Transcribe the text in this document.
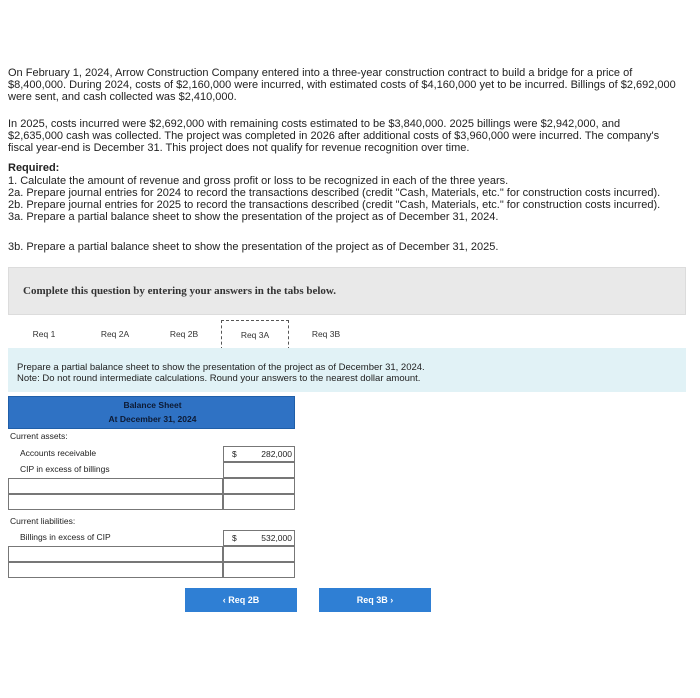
On February 1, 2024, Arrow Construction Company entered into a three-year construction contract to build a bridge for a price of $8,400,000. During 2024, costs of $2,160,000 were incurred, with estimated costs of $4,160,000 yet to be incurred. Billings of $2,692,000 were sent, and cash collected was $2,410,000.

In 2025, costs incurred were $2,692,000 with remaining costs estimated to be $3,840,000. 2025 billings were $2,942,000, and $2,635,000 cash was collected. The project was completed in 2026 after additional costs of $3,960,000 were incurred. The company's fiscal year-end is December 31. This project does not qualify for revenue recognition over time.

Required:

1. Calculate the amount of revenue and gross profit or loss to be recognized in each of the three years.

2a. Prepare journal entries for 2024 to record the transactions described (credit "Cash, Materials, etc." for construction costs incurred).

2b. Prepare journal entries for 2025 to record the transactions described (credit "Cash, Materials, etc." for construction costs incurred).

3a. Prepare a partial balance sheet to show the presentation of the project as of December 31, 2024.

3b. Prepare a partial balance sheet to show the presentation of the project as of December 31, 2025.

Complete this question by entering your answers in the tabs below.
Req 1	Req 2A	Req 2B	Req 3A	Req 3B

Prepare a partial balance sheet to show the presentation of the project as of December 31, 2024.

Note: Do not round intermediate calculations. Round your answers to the nearest dollar amount.

Balance Sheet
At December 31, 2024
Current assets:
Accounts receivable	$	282,000
CIP in excess of billings
Current liabilities:
Billings in excess of CIP	$	532,000
‹ Req 2B	Req 3B ›
